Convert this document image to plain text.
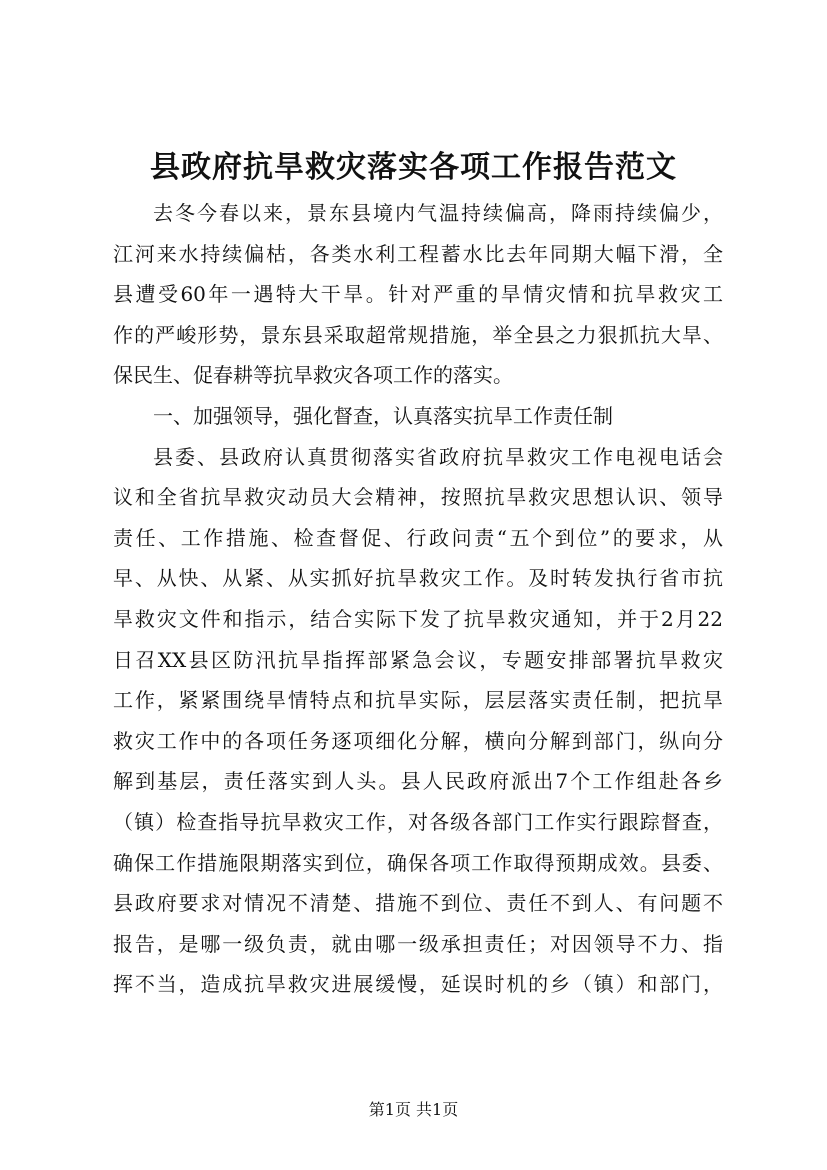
县政府抗旱救灾落实各项工作报告范文
去冬今春以来，景东县境内气温持续偏高，降雨持续偏少，
江河来水持续偏枯，各类水利工程蓄水比去年同期大幅下滑，全
县遭受60年一遇特大干旱。针对严重的旱情灾情和抗旱救灾工
作的严峻形势，景东县采取超常规措施，举全县之力狠抓抗大旱、
保民生、促春耕等抗旱救灾各项工作的落实。
一、加强领导，强化督查，认真落实抗旱工作责任制
县委、县政府认真贯彻落实省政府抗旱救灾工作电视电话会
议和全省抗旱救灾动员大会精神，按照抗旱救灾思想认识、领导
责任、工作措施、检查督促、行政问责“五个到位”的要求，从
早、从快、从紧、从实抓好抗旱救灾工作。及时转发执行省市抗
旱救灾文件和指示，结合实际下发了抗旱救灾通知，并于2月22
日召XX县区防汛抗旱指挥部紧急会议，专题安排部署抗旱救灾
工作，紧紧围绕旱情特点和抗旱实际，层层落实责任制，把抗旱
救灾工作中的各项任务逐项细化分解，横向分解到部门，纵向分
解到基层，责任落实到人头。县人民政府派出7个工作组赴各乡
（镇）检查指导抗旱救灾工作，对各级各部门工作实行跟踪督查，
确保工作措施限期落实到位，确保各项工作取得预期成效。县委、
县政府要求对情况不清楚、措施不到位、责任不到人、有问题不
报告，是哪一级负责，就由哪一级承担责任；对因领导不力、指
挥不当，造成抗旱救灾进展缓慢，延误时机的乡（镇）和部门，
第1页 共1页
